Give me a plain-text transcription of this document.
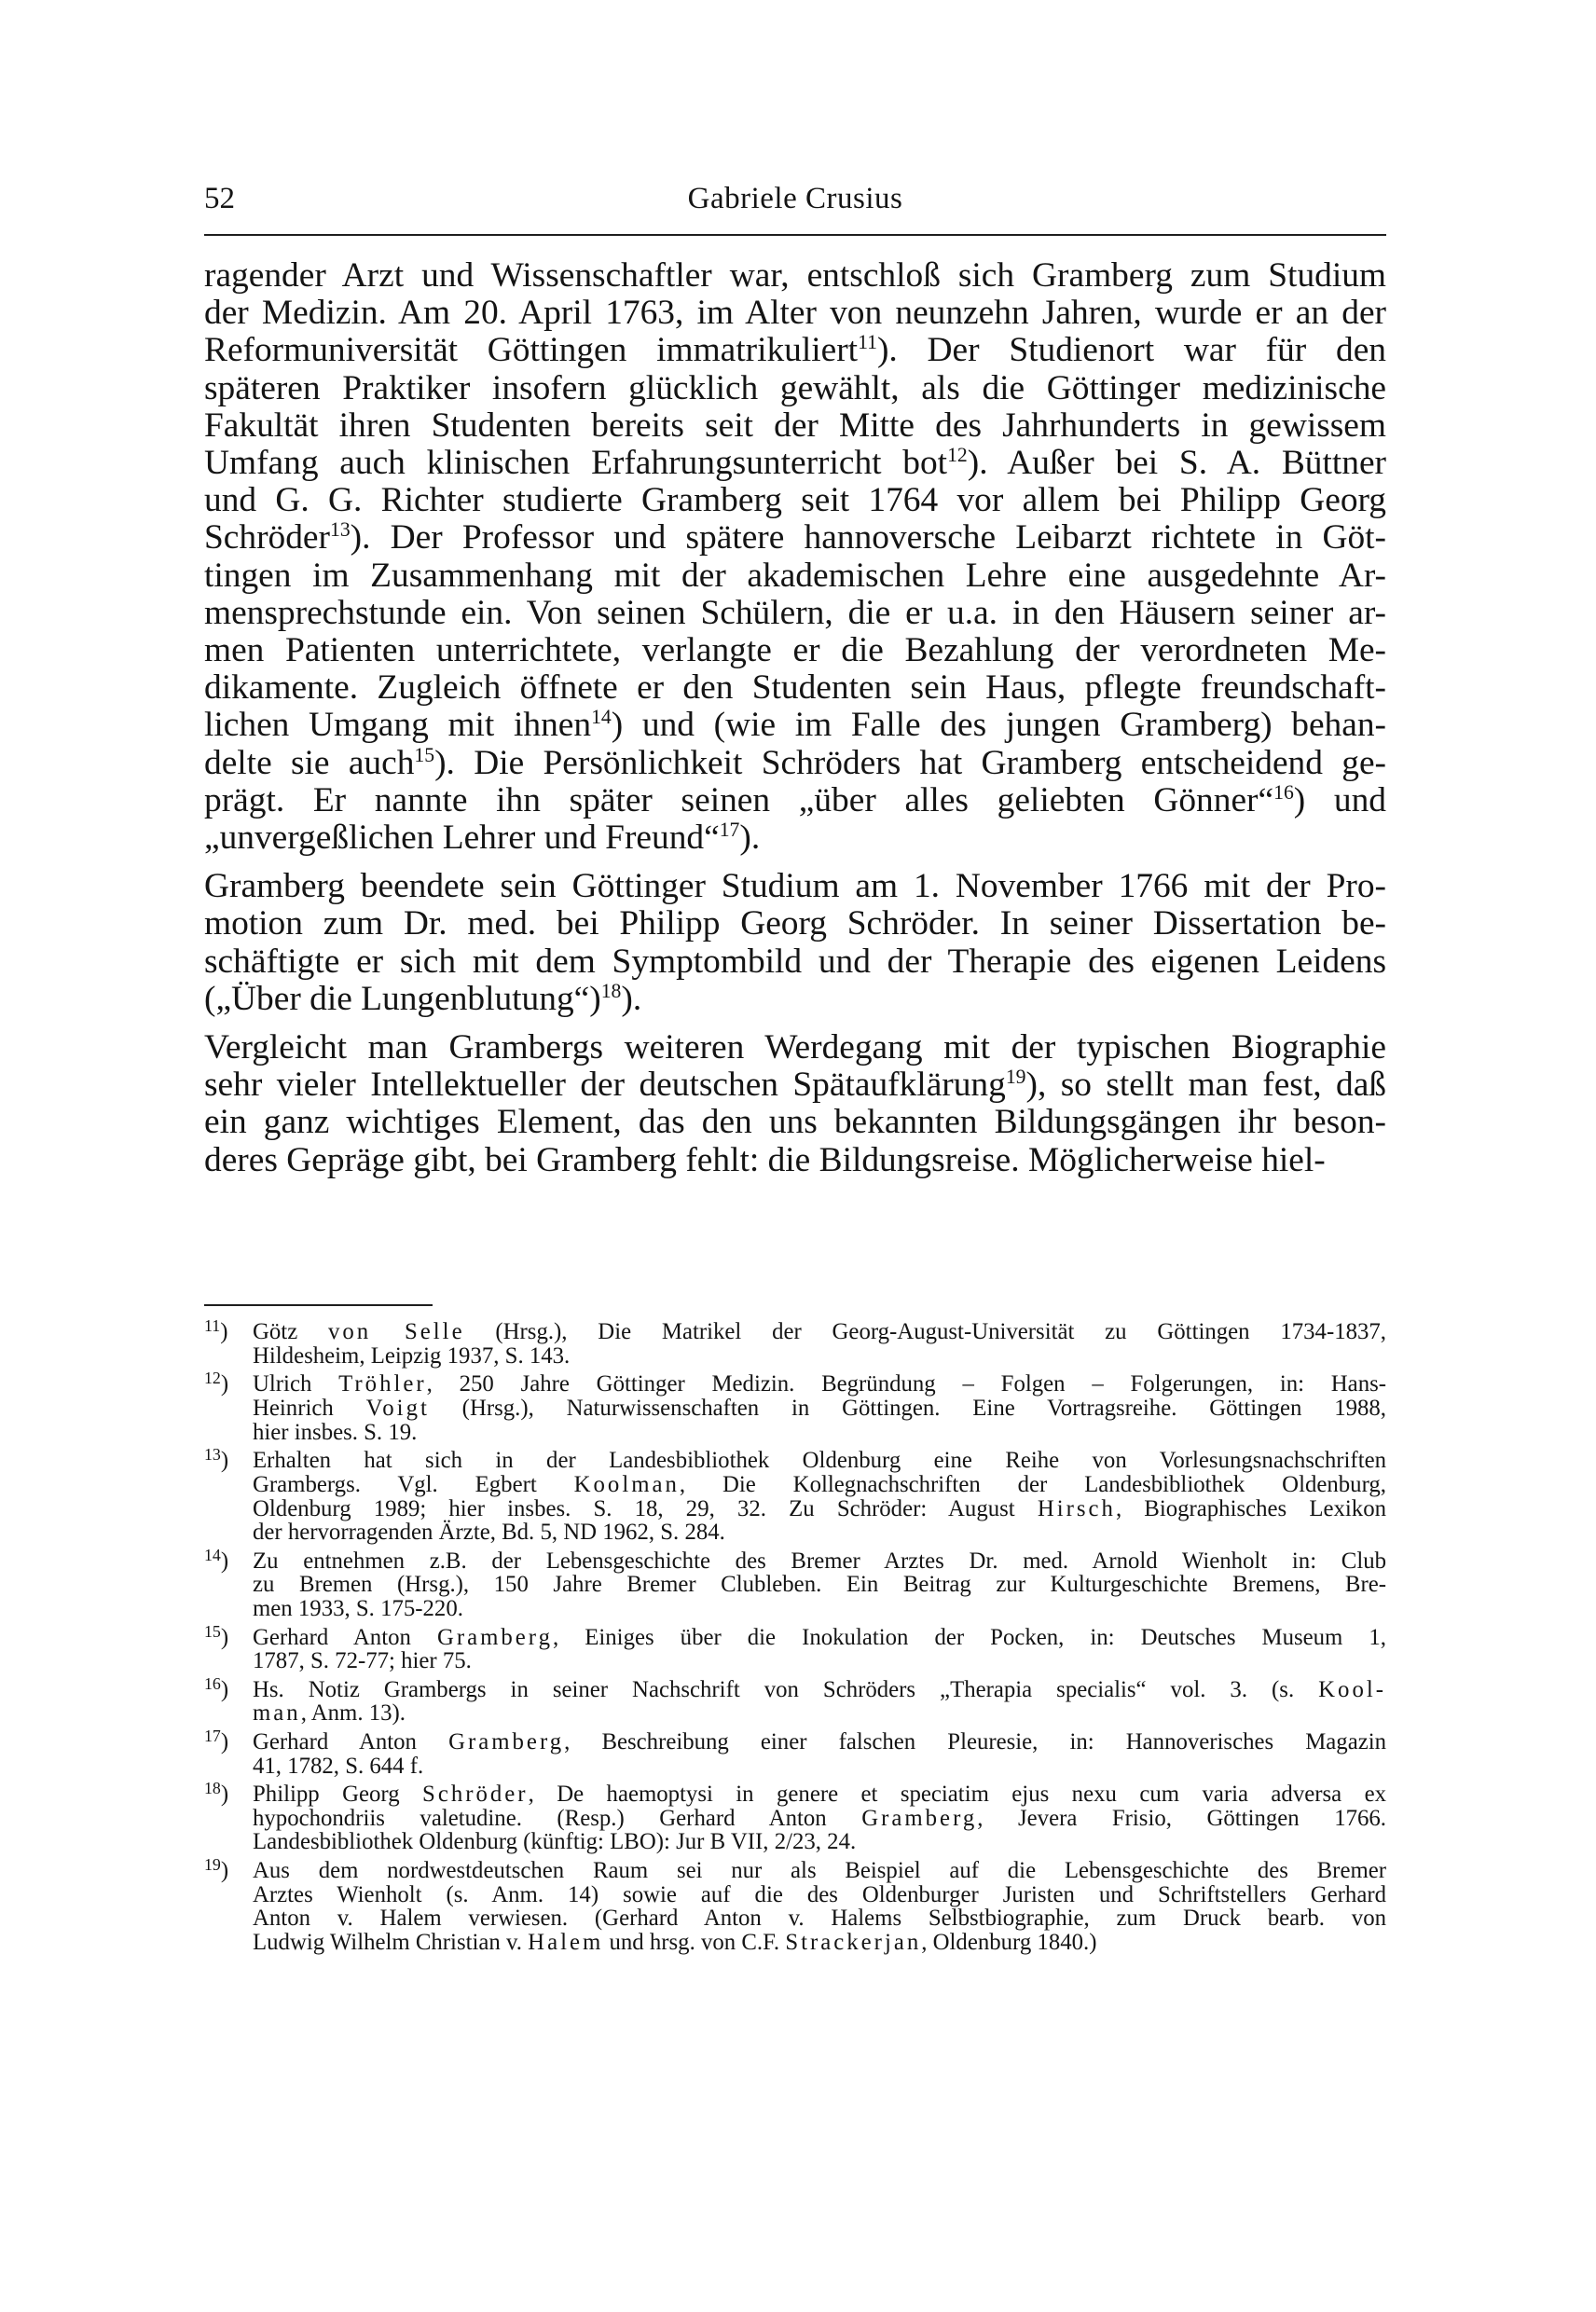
52	Gabriele Crusius

ragender Arzt und Wissenschaftler war, entschloß sich Gramberg zum Studium
der Medizin. Am 20. April 1763, im Alter von neunzehn Jahren, wurde er an der
Reformuniversität Göttingen immatrikuliert$^{11}$). Der Studienort war für den
späteren Praktiker insofern glücklich gewählt, als die Göttinger medizinische
Fakultät ihren Studenten bereits seit der Mitte des Jahrhunderts in gewissem
Umfang auch klinischen Erfahrungsunterricht bot$^{12}$). Außer bei S. A. Büttner
und G. G. Richter studierte Gramberg seit 1764 vor allem bei Philipp Georg
Schröder$^{13}$). Der Professor und spätere hannoversche Leibarzt richtete in Göt-
tingen im Zusammenhang mit der akademischen Lehre eine ausgedehnte Ar-
mensprechstunde ein. Von seinen Schülern, die er u.a. in den Häusern seiner ar-
men Patienten unterrichtete, verlangte er die Bezahlung der verordneten Me-
dikamente. Zugleich öffnete er den Studenten sein Haus, pflegte freundschaft-
lichen Umgang mit ihnen$^{14}$) und (wie im Falle des jungen Gramberg) behan-
delte sie auch$^{15}$). Die Persönlichkeit Schröders hat Gramberg entscheidend ge-
prägt. Er nannte ihn später seinen „über alles geliebten Gönner“$^{16}$) und
„unvergeßlichen Lehrer und Freund“$^{17}$).

Gramberg beendete sein Göttinger Studium am 1. November 1766 mit der Pro-
motion zum Dr. med. bei Philipp Georg Schröder. In seiner Dissertation be-
schäftigte er sich mit dem Symptombild und der Therapie des eigenen Leidens
(„Über die Lungenblutung“)$^{18}$).

Vergleicht man Grambergs weiteren Werdegang mit der typischen Biographie
sehr vieler Intellektueller der deutschen Spätaufklärung$^{19}$), so stellt man fest, daß
ein ganz wichtiges Element, das den uns bekannten Bildungsgängen ihr beson-
deres Gepräge gibt, bei Gramberg fehlt: die Bildungsreise. Möglicherweise hiel-

$^{11}$) Götz von Selle (Hrsg.), Die Matrikel der Georg-August-Universität zu Göttingen 1734-1837,
Hildesheim, Leipzig 1937, S. 143.
$^{12}$) Ulrich Tröhler, 250 Jahre Göttinger Medizin. Begründung – Folgen – Folgerungen, in: Hans-
Heinrich Voigt (Hrsg.), Naturwissenschaften in Göttingen. Eine Vortragsreihe. Göttingen 1988,
hier insbes. S. 19.
$^{13}$) Erhalten hat sich in der Landesbibliothek Oldenburg eine Reihe von Vorlesungsnachschriften
Grambergs. Vgl. Egbert Koolman, Die Kollegnachschriften der Landesbibliothek Oldenburg,
Oldenburg 1989; hier insbes. S. 18, 29, 32. Zu Schröder: August Hirsch, Biographisches Lexikon
der hervorragenden Ärzte, Bd. 5, ND 1962, S. 284.
$^{14}$) Zu entnehmen z.B. der Lebensgeschichte des Bremer Arztes Dr. med. Arnold Wienholt in: Club
zu Bremen (Hrsg.), 150 Jahre Bremer Clubleben. Ein Beitrag zur Kulturgeschichte Bremens, Bre-
men 1933, S. 175-220.
$^{15}$) Gerhard Anton Gramberg, Einiges über die Inokulation der Pocken, in: Deutsches Museum 1,
1787, S. 72-77; hier 75.
$^{16}$) Hs. Notiz Grambergs in seiner Nachschrift von Schröders „Therapia specialis“ vol. 3. (s. Kool-
man, Anm. 13).
$^{17}$) Gerhard Anton Gramberg, Beschreibung einer falschen Pleuresie, in: Hannoverisches Magazin
41, 1782, S. 644 f.
$^{18}$) Philipp Georg Schröder, De haemoptysi in genere et speciatim ejus nexu cum varia adversa ex
hypochondriis valetudine. (Resp.) Gerhard Anton Gramberg, Jevera Frisio, Göttingen 1766.
Landesbibliothek Oldenburg (künftig: LBO): Jur B VII, 2/23, 24.
$^{19}$) Aus dem nordwestdeutschen Raum sei nur als Beispiel auf die Lebensgeschichte des Bremer
Arztes Wienholt (s. Anm. 14) sowie auf die des Oldenburger Juristen und Schriftstellers Gerhard
Anton v. Halem verwiesen. (Gerhard Anton v. Halems Selbstbiographie, zum Druck bearb. von
Ludwig Wilhelm Christian v. Halem und hrsg. von C.F. Strackerjan, Oldenburg 1840.)
